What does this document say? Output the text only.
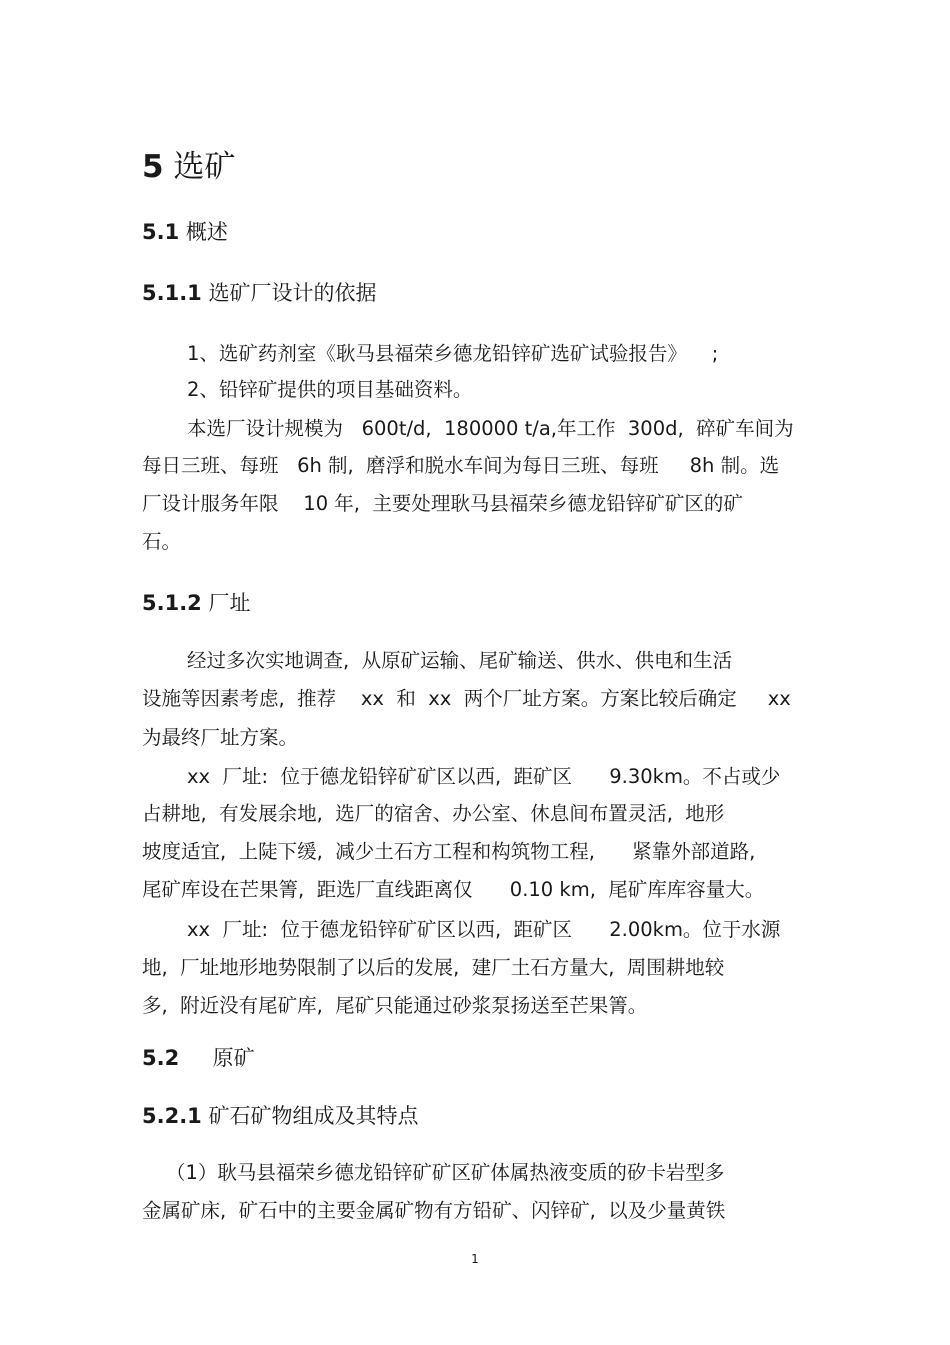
5 选矿
5.1 概述
5.1.1 选矿厂设计的依据
1、选矿药剂室《耿马县福荣乡德龙铅锌矿选矿试验报告》    ;
2、铅锌矿提供的项目基础资料。
本选厂设计规模为   600t/d,  180000 t/a,年工作  300d,  碎矿车间为
每日三班、每班   6h 制,  磨浮和脱水车间为每日三班、每班     8h 制。选
厂设计服务年限    10 年,  主要处理耿马县福荣乡德龙铅锌矿矿区的矿
石。
5.1.2 厂址
经过多次实地调查,  从原矿运输、尾矿输送、供水、供电和生活
设施等因素考虑,  推荐    xx  和  xx  两个厂址方案。方案比较后确定     xx
为最终厂址方案。
xx  厂址:  位于德龙铅锌矿矿区以西,  距矿区      9.30km。不占或少
占耕地,  有发展余地,  选厂的宿舍、办公室、休息间布置灵活,  地形
坡度适宜,  上陡下缓,  减少土石方工程和构筑物工程,      紧靠外部道路,
尾矿库设在芒果箐,  距选厂直线距离仅      0.10 km,  尾矿库库容量大。
xx  厂址:  位于德龙铅锌矿矿区以西,  距矿区      2.00km。位于水源
地,  厂址地形地势限制了以后的发展,  建厂土石方量大,  周围耕地较
多,  附近没有尾矿库,  尾矿只能通过砂浆泵扬送至芒果箐。
5.2     原矿
5.2.1 矿石矿物组成及其特点
（1）耿马县福荣乡德龙铅锌矿矿区矿体属热液变质的矽卡岩型多
金属矿床,  矿石中的主要金属矿物有方铅矿、闪锌矿,  以及少量黄铁
1
